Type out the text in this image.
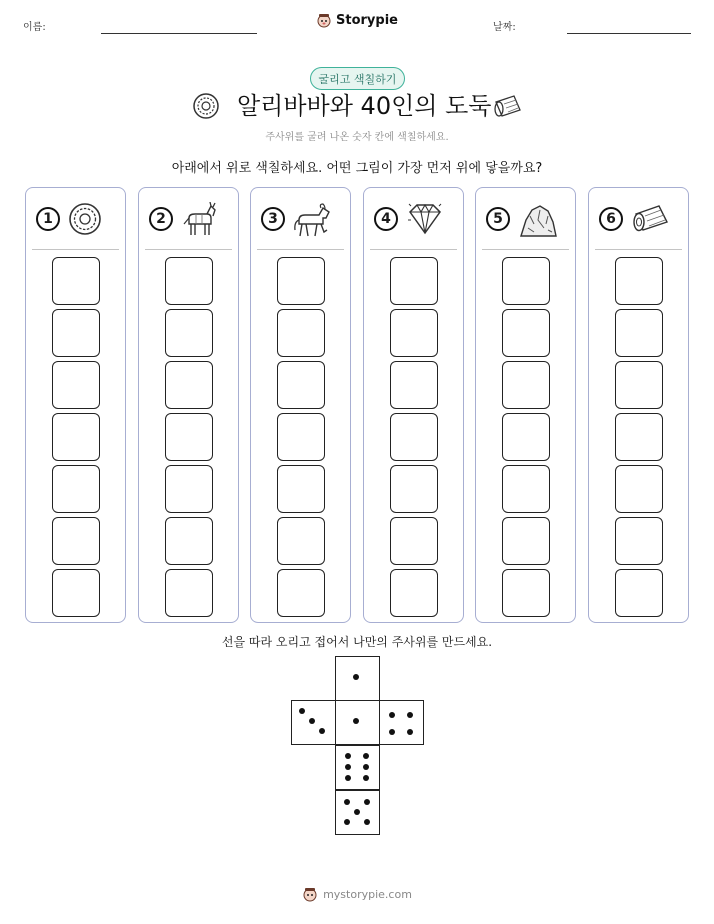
이름:	Storypie	날짜:
굴리고 색칠하기
알리바바와 40인의 도둑
주사위를 굴려 나온 숫자 칸에 색칠하세요.
아래에서 위로 색칠하세요. 어떤 그림이 가장 먼저 위에 닿을까요?
1	2	3	4	5	6
선을 따라 오리고 접어서 나만의 주사위를 만드세요.
mystorypie.com
